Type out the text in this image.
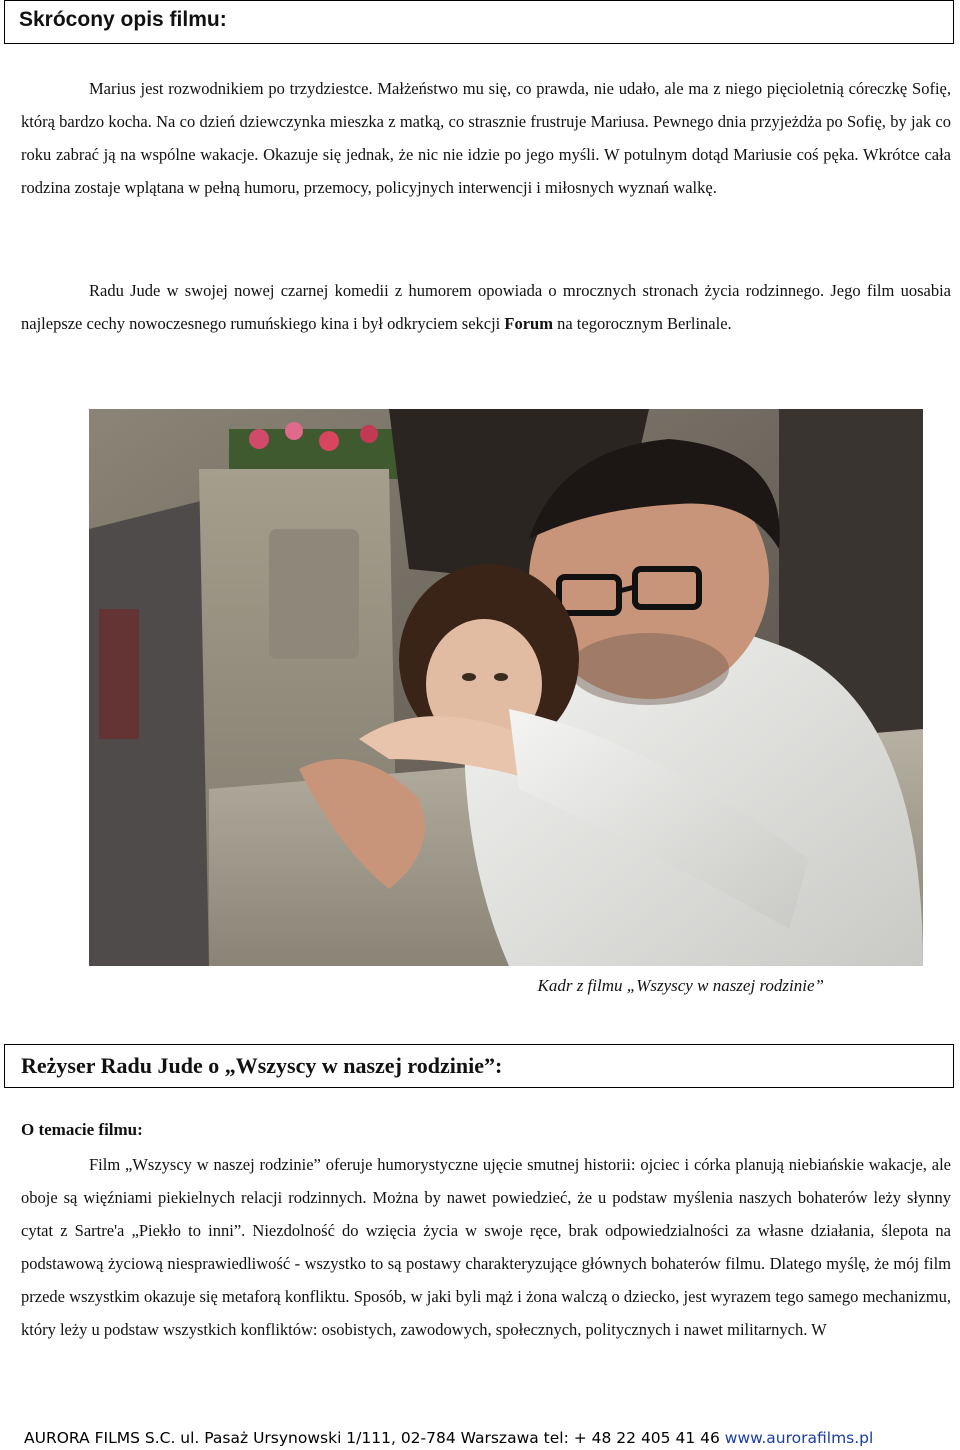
Skrócony opis filmu:

Marius jest rozwodnikiem po trzydziestce. Małżeństwo mu się, co prawda, nie udało, ale ma z niego pięcioletnią córeczkę Sofię, którą bardzo kocha. Na co dzień dziewczynka mieszka z matką, co strasznie frustruje Mariusa. Pewnego dnia przyjeżdża po Sofię, by jak co roku zabrać ją na wspólne wakacje. Okazuje się jednak, że nic nie idzie po jego myśli. W potulnym dotąd Mariusie coś pęka. Wkrótce cała rodzina zostaje wplątana w pełną humoru, przemocy, policyjnych interwencji i miłosnych wyznań walkę.

Radu Jude w swojej nowej czarnej komedii z humorem opowiada o mrocznych stronach życia rodzinnego. Jego film uosabia najlepsze cechy nowoczesnego rumuńskiego kina i był odkryciem sekcji Forum na tegorocznym Berlinale.

Kadr z filmu „Wszyscy w naszej rodzinie”
Reżyser Radu Jude o „Wszyscy w naszej rodzinie”:
O temacie filmu:

Film „Wszyscy w naszej rodzinie” oferuje humorystyczne ujęcie smutnej historii: ojciec i córka planują niebiańskie wakacje, ale oboje są więźniami piekielnych relacji rodzinnych. Można by nawet powiedzieć, że u podstaw myślenia naszych bohaterów leży słynny cytat z Sartre'a „Piekło to inni”. Niezdolność do wzięcia życia w swoje ręce, brak odpowiedzialności za własne działania, ślepota na podstawową życiową niesprawiedliwość - wszystko to są postawy charakteryzujące głównych bohaterów filmu. Dlatego myślę, że mój film przede wszystkim okazuje się metaforą konfliktu. Sposób, w jaki byli mąż i żona walczą o dziecko, jest wyrazem tego samego mechanizmu, który leży u podstaw wszystkich konfliktów: osobistych, zawodowych, społecznych, politycznych i nawet militarnych. W

AURORA FILMS S.C. ul. Pasaż Ursynowski 1/111, 02-784 Warszawa tel: + 48 22 405 41 46 www.aurorafilms.pl
